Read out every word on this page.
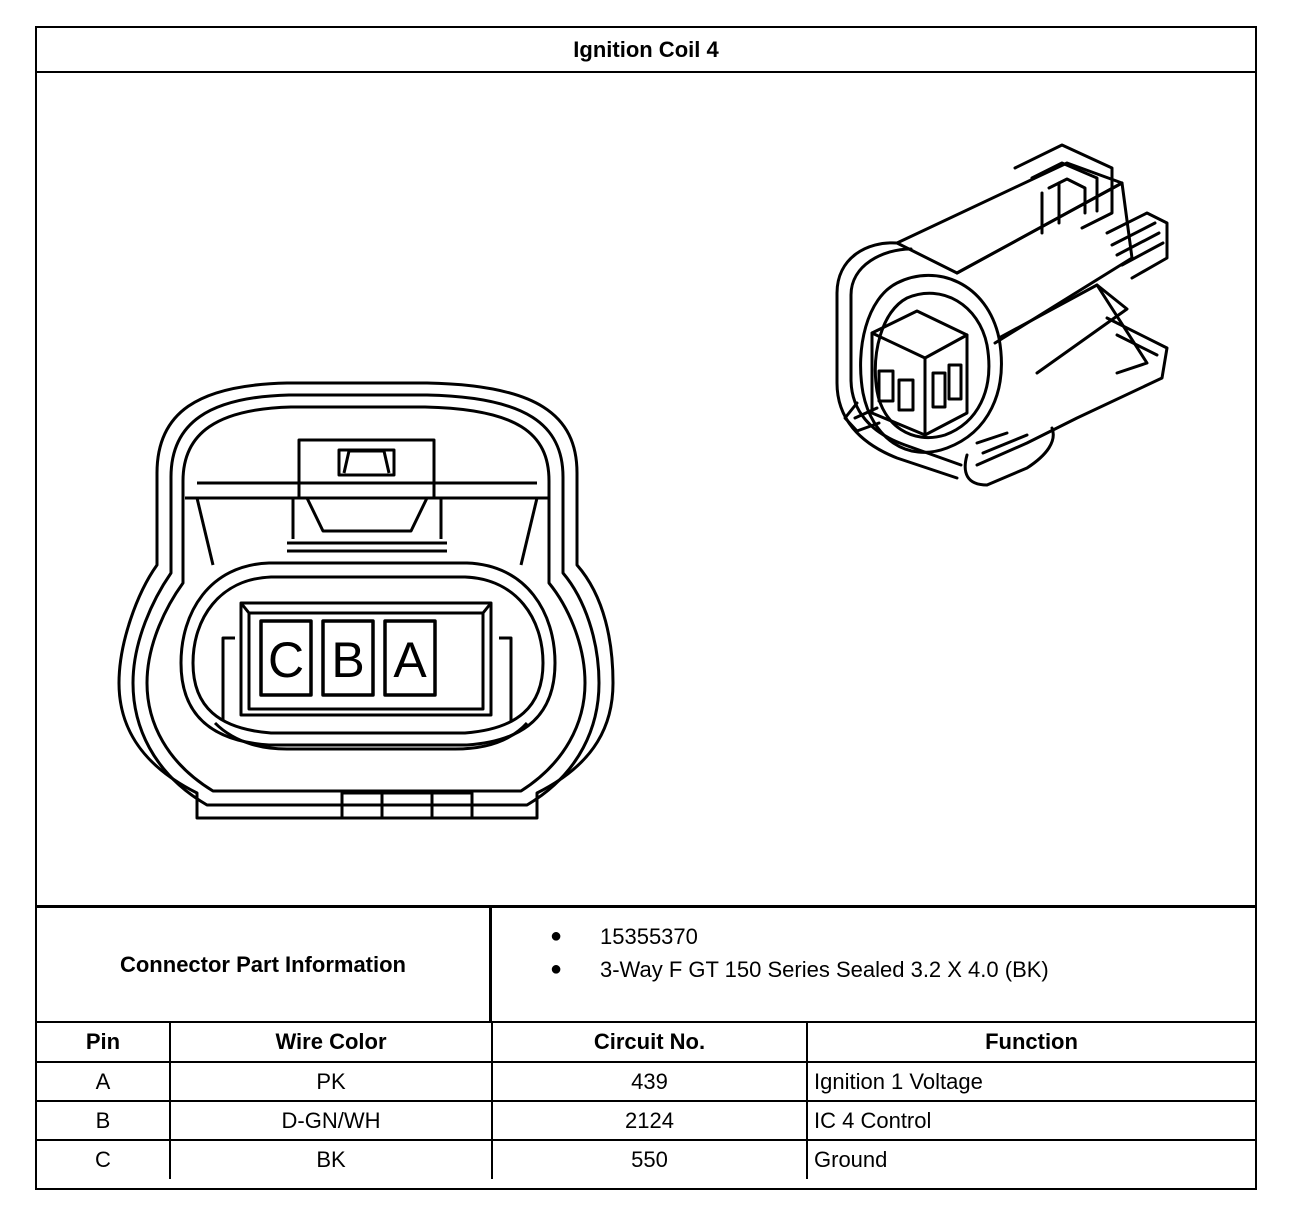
Ignition Coil 4
C B A
Connector Part Information
● 15355370
● 3-Way F GT 150 Series Sealed 3.2 X 4.0 (BK)
Pin	Wire Color	Circuit No.	Function
A	PK	439	Ignition 1 Voltage
B	D-GN/WH	2124	IC 4 Control
C	BK	550	Ground
